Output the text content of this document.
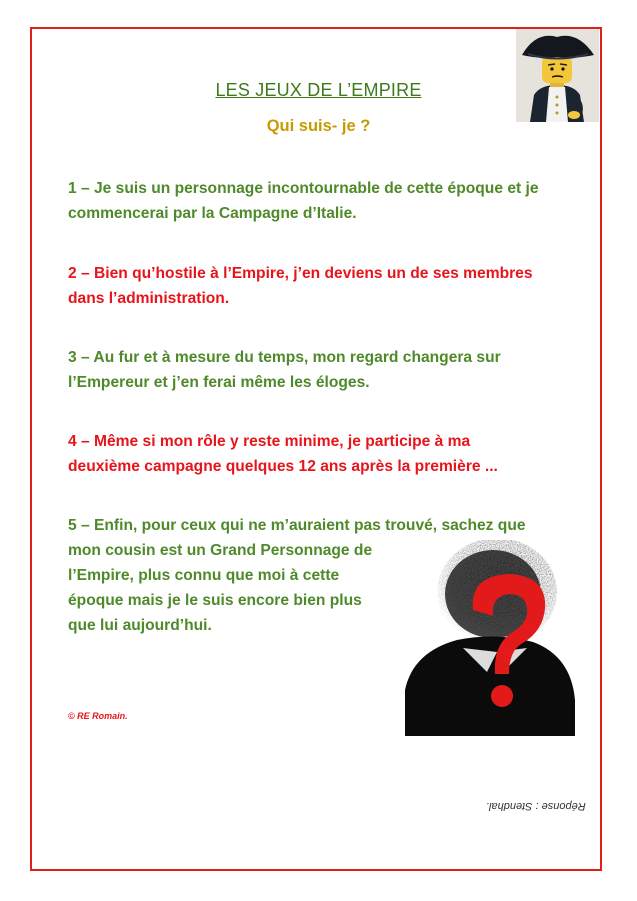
LES JEUX DE L’EMPIRE
Qui suis- je ?
1 – Je suis un personnage incontournable de cette époque et je
commencerai par la Campagne d’Italie.
2 – Bien qu’hostile à l’Empire, j’en deviens un de ses membres
dans l’administration.
3 – Au fur et à mesure du temps, mon regard changera sur
l’Empereur et j’en ferai même les éloges.
4 – Même si mon rôle y reste minime, je participe à ma
deuxième campagne quelques 12 ans après la première ...
5 – Enfin, pour ceux qui ne m’auraient pas trouvé, sachez que
mon cousin est un Grand Personnage de
l’Empire, plus connu que moi à cette
époque mais je le suis encore bien plus
que lui aujourd’hui.
© RE Romain.
Réponse : Stendhal.
